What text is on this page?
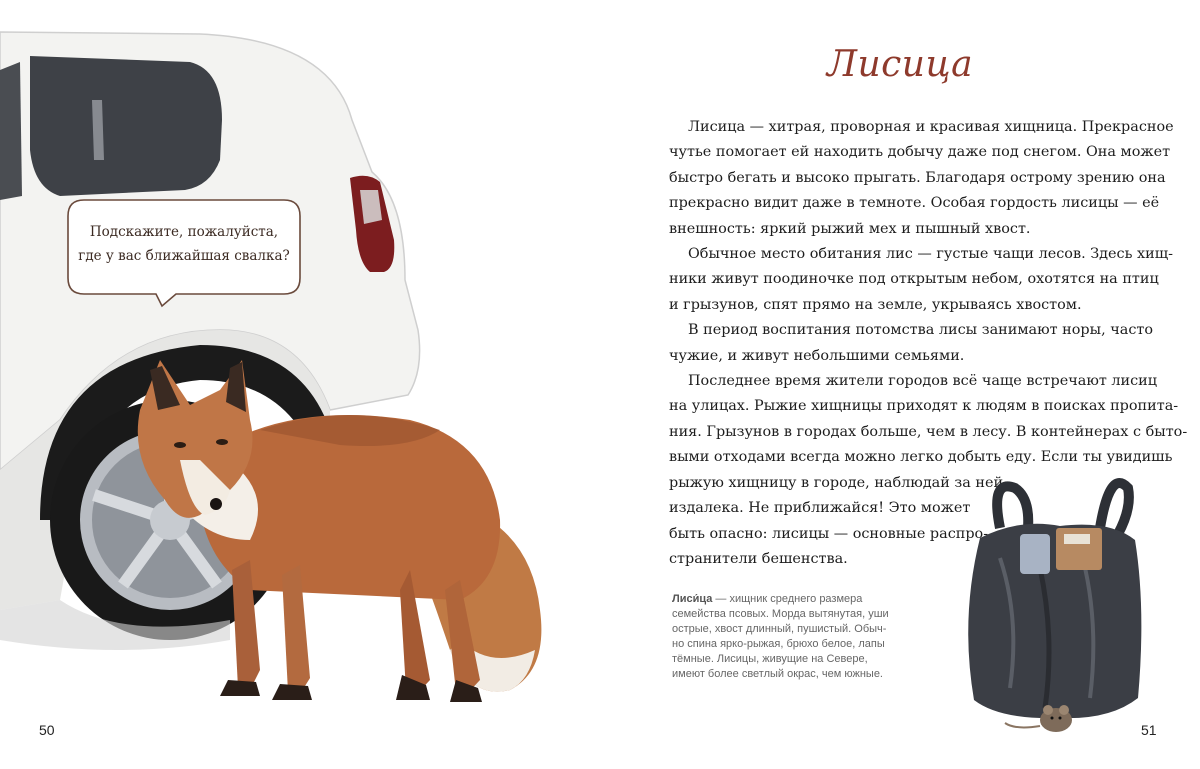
Подскажите, пожалуйста,
где у вас ближайшая свалка?
50
Лисица

Лисица — хитрая, проворная и красивая хищница. Прекрасное
чутье помогает ей находить добычу даже под снегом. Она может
быстро бегать и высоко прыгать. Благодаря острому зрению она
прекрасно видит даже в темноте. Особая гордость лисицы — её
внешность: яркий рыжий мех и пышный хвост.

Обычное место обитания лис — густые чащи лесов. Здесь хищ-
ники живут поодиночке под открытым небом, охотятся на птиц
и грызунов, спят прямо на земле, укрываясь хвостом.

В период воспитания потомства лисы занимают норы, часто
чужие, и живут небольшими семьями.

Последнее время жители городов всё чаще встречают лисиц
на улицах. Рыжие хищницы приходят к людям в поисках пропита-
ния. Грызунов в городах больше, чем в лесу. В контейнерах с быто-
выми отходами всегда можно легко добыть еду. Если ты увидишь
рыжую хищницу в городе, наблюдай за ней
издалека. Не приближайся! Это может
быть опасно: лисицы — основные распро-
странители бешенства.

Лиси́ца — хищник среднего размера
семейства псовых. Морда вытянутая, уши
острые, хвост длинный, пушистый. Обыч-
но спина ярко-рыжая, брюхо белое, лапы
тёмные. Лисицы, живущие на Севере,
имеют более светлый окрас, чем южные.
51
